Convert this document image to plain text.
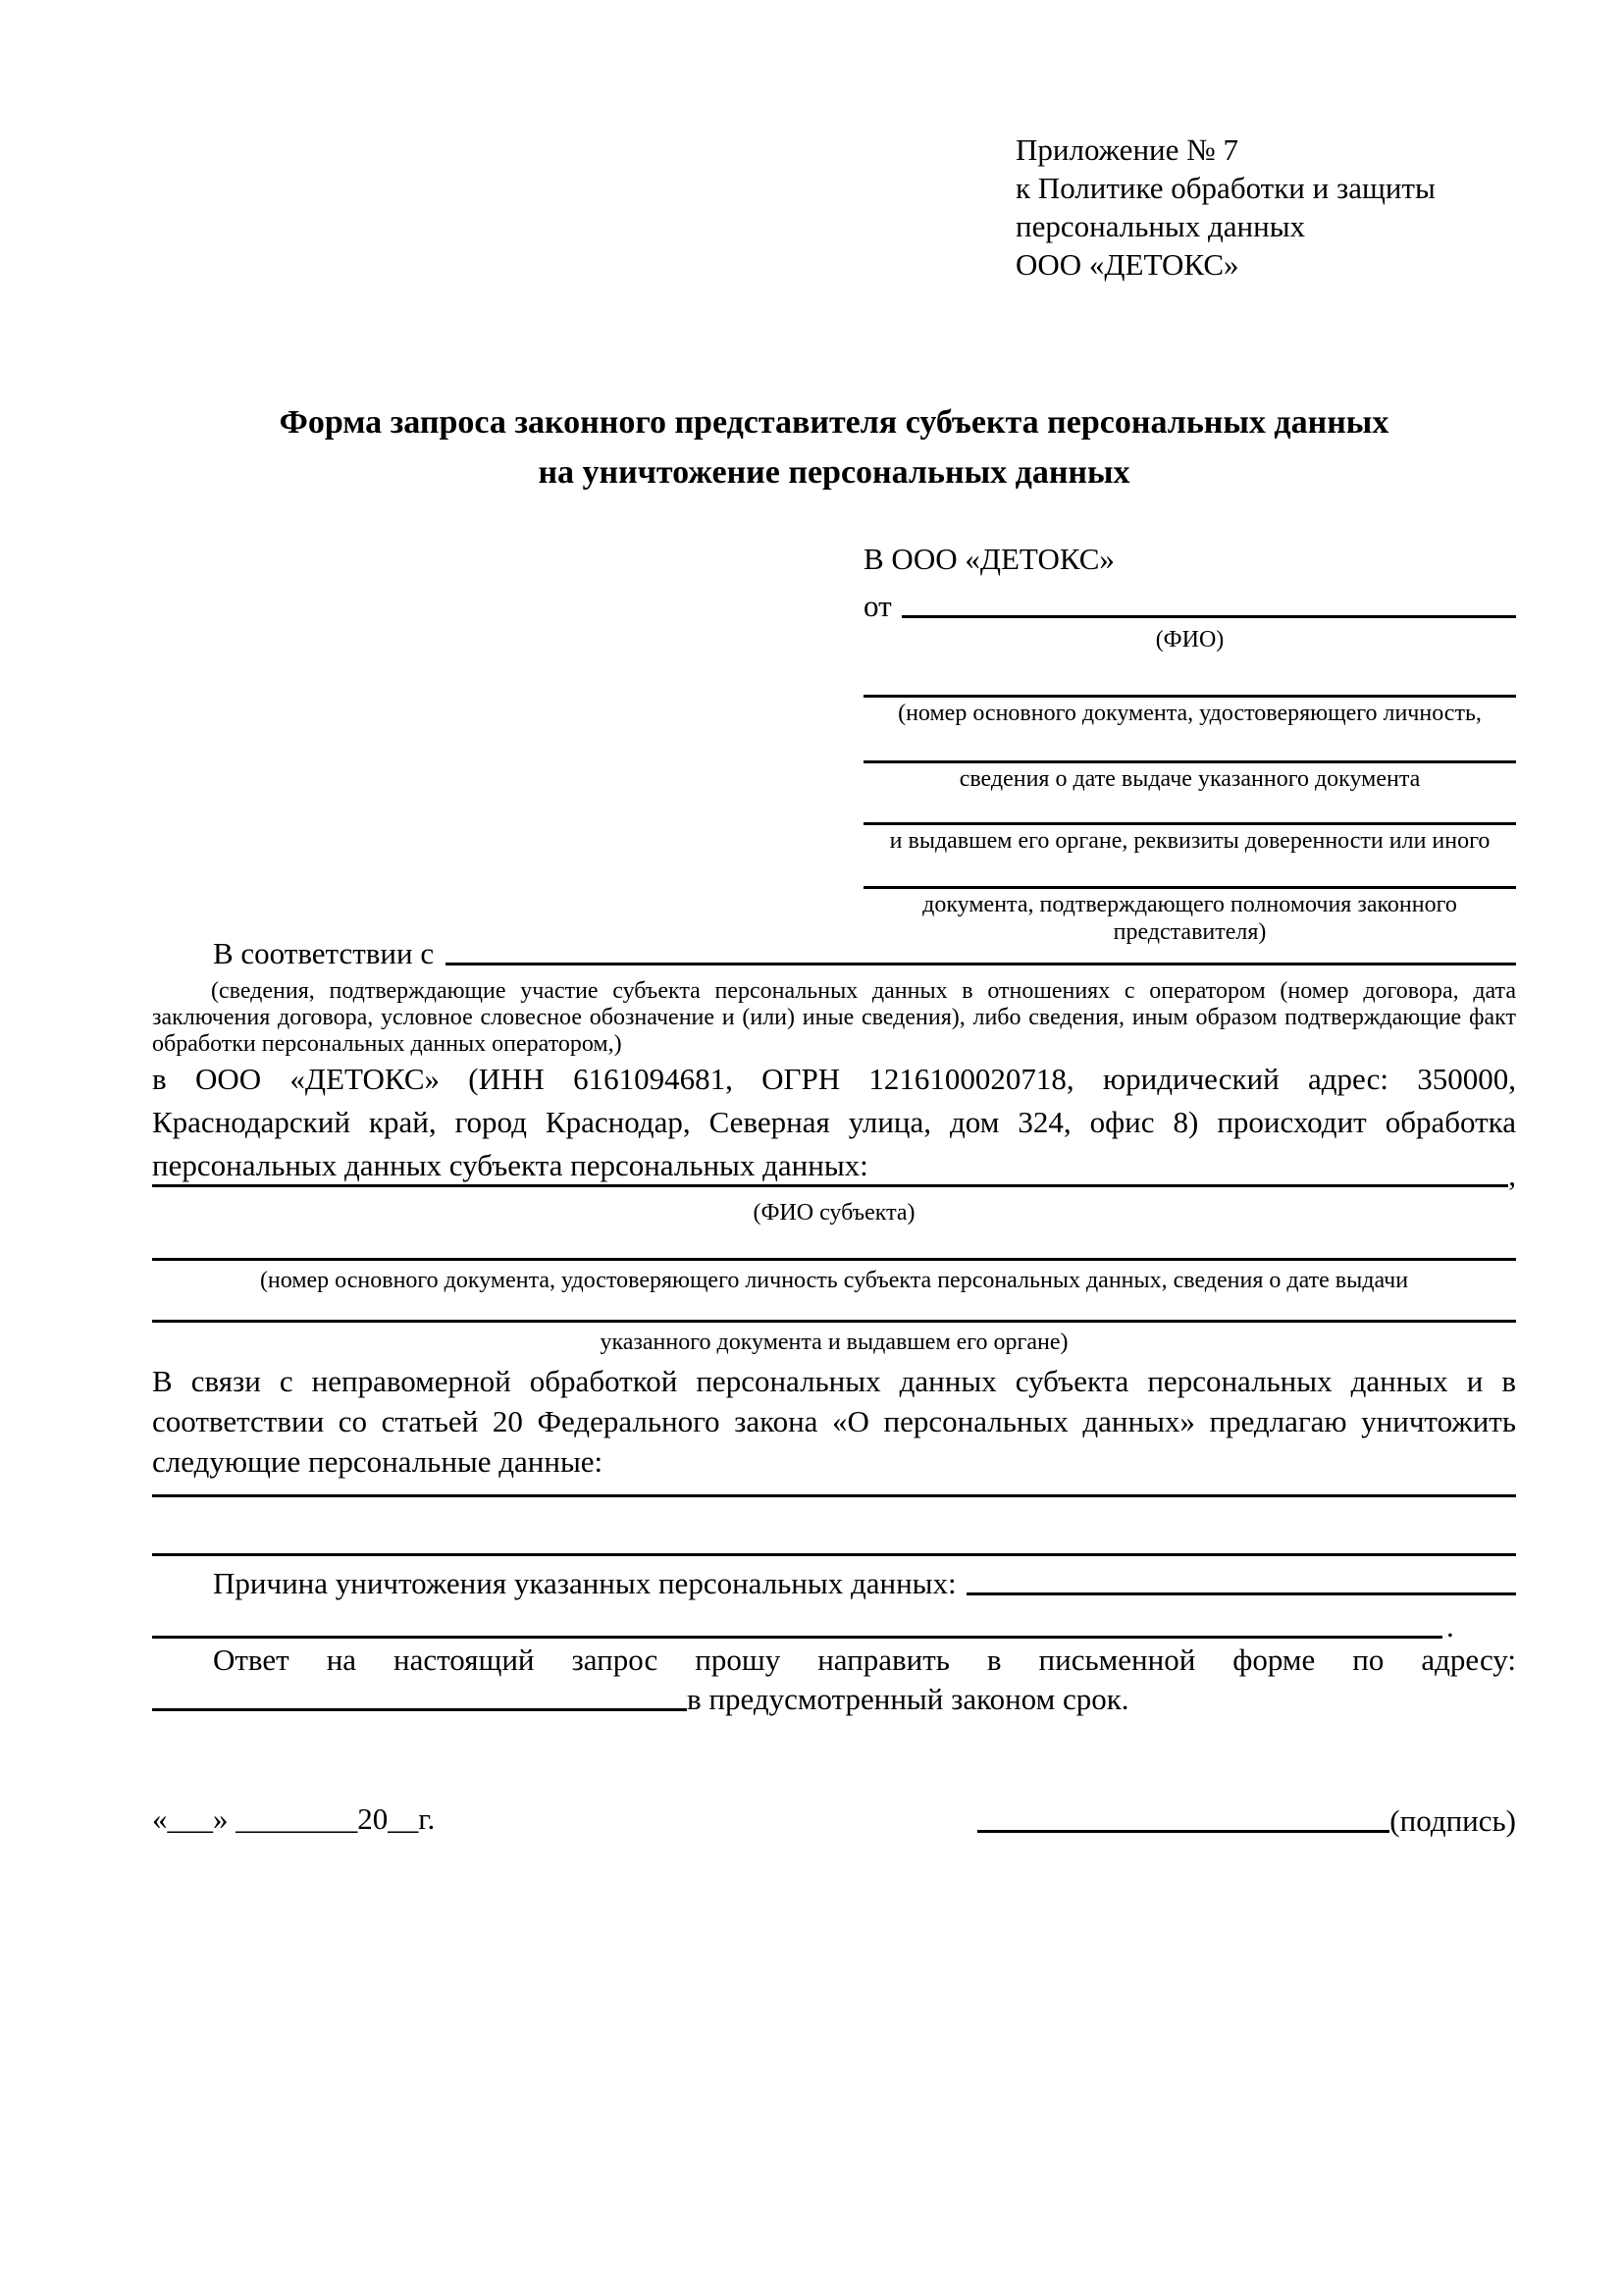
Приложение № 7
к Политике обработки и защиты
персональных данных
ООО «ДЕТОКС»
Форма запроса законного представителя субъекта персональных данных
на уничтожение персональных данных
В ООО «ДЕТОКС»
от
(ФИО)
(номер основного документа, удостоверяющего личность,
сведения о дате выдаче указанного документа
и выдавшем его органе, реквизиты доверенности или иного
документа, подтверждающего полномочия законного представителя)
В соответствии с
(сведения, подтверждающие участие субъекта персональных данных в отношениях с оператором (номер договора, дата заключения договора, условное словесное обозначение и (или) иные сведения), либо сведения, иным образом подтверждающие факт обработки персональных данных оператором,)
в ООО «ДЕТОКС» (ИНН 6161094681, ОГРН 1216100020718, юридический адрес: 350000, Краснодарский край, город Краснодар, Северная улица, дом 324, офис 8) происходит обработка персональных данных субъекта персональных данных:	,
(ФИО субъекта)
(номер основного документа, удостоверяющего личность субъекта персональных данных, сведения о дате выдачи
указанного документа и выдавшем его органе)
В связи с неправомерной обработкой персональных данных субъекта персональных данных и в соответствии со статьей 20 Федерального закона «О персональных данных» предлагаю уничтожить следующие персональные данные:
Причина уничтожения указанных персональных данных:
.
Ответ на настоящий запрос прошу направить в письменной форме по адресу:
в предусмотренный законом срок.
«___» ________20__г.	(подпись)
